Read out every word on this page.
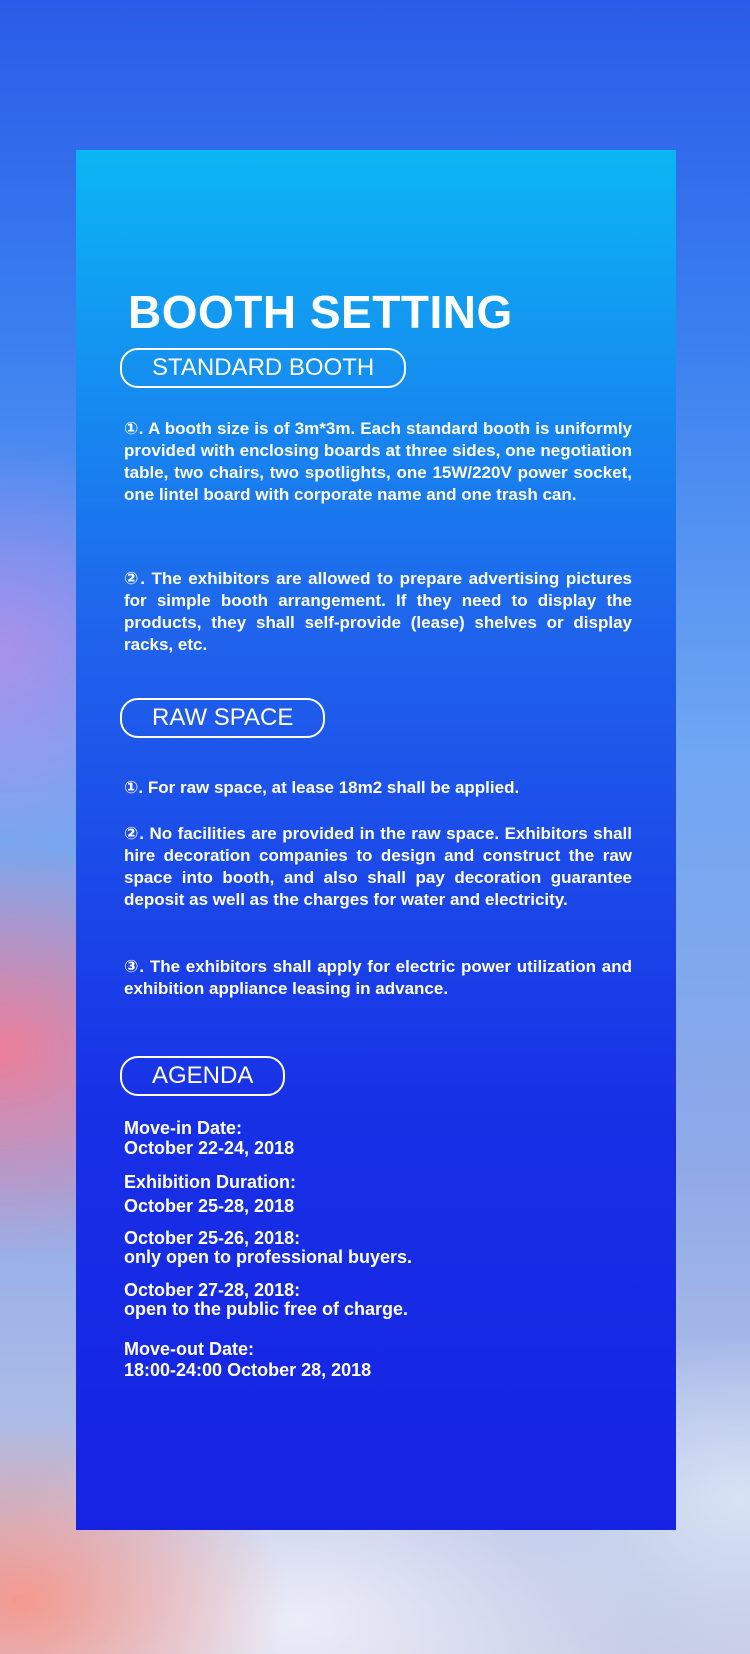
BOOTH SETTING
STANDARD BOOTH

①. A booth size is of 3m*3m. Each standard booth is uniformly provided with enclosing boards at three sides, one negotiation table, two chairs, two spotlights, one 15W/220V power socket, one lintel board with corporate name and one trash can.

②. The exhibitors are allowed to prepare advertising pictures for simple booth arrangement. If they need to display the products, they shall self-provide (lease) shelves or display racks, etc.

RAW SPACE

①. For raw space, at lease 18m2 shall be applied.

②. No facilities are provided in the raw space. Exhibitors shall hire decoration companies to design and construct the raw space into booth, and also shall pay decoration guarantee deposit as well as the charges for water and electricity.

③. The exhibitors shall apply for electric power utilization and exhibition appliance leasing in advance.

AGENDA

Move-in Date:

October 22-24, 2018

Exhibition Duration:

October 25-28, 2018

October 25-26, 2018:

only open to professional buyers.

October 27-28, 2018:

open to the public free of charge.

Move-out Date:

18:00-24:00 October 28, 2018
